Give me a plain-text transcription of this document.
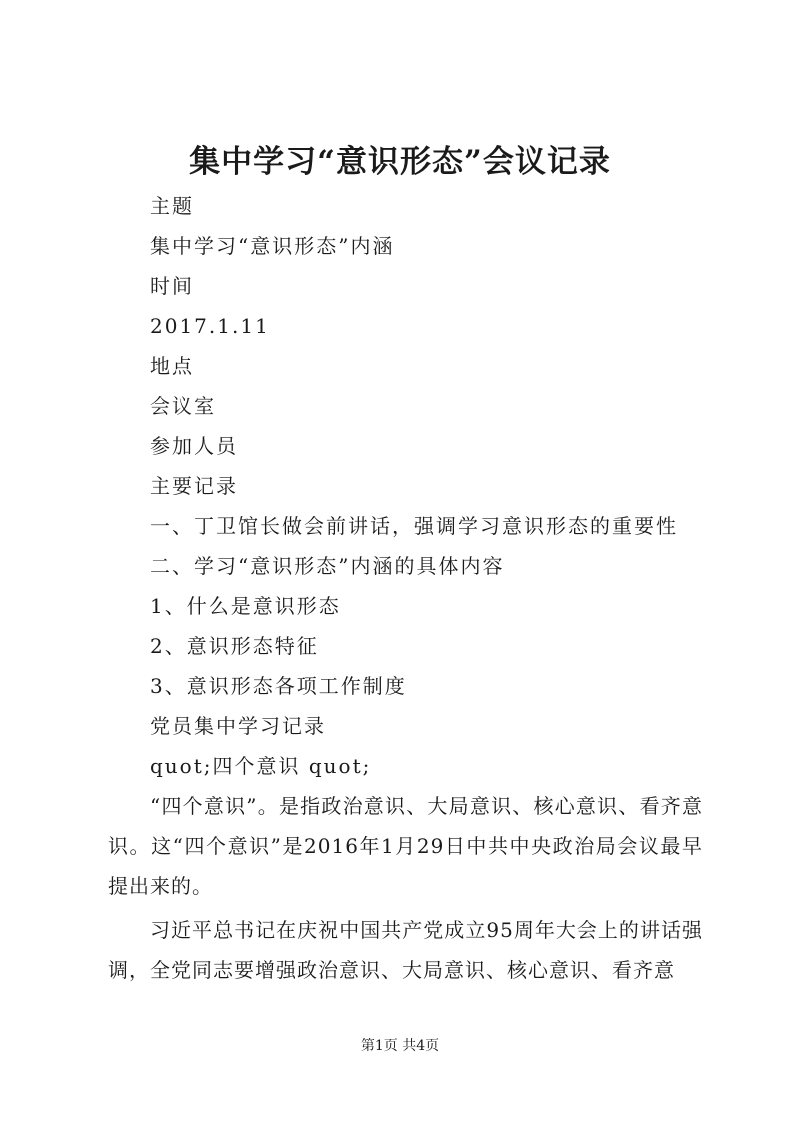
集中学习“意识形态”会议记录
主题
集中学习“意识形态”内涵
时间
2017.1.11
地点
会议室
参加人员
主要记录
一、丁卫馆长做会前讲话，强调学习意识形态的重要性
二、学习“意识形态”内涵的具体内容
1、什么是意识形态
2、意识形态特征
3、意识形态各项工作制度
党员集中学习记录
quot;四个意识 quot;

“四个意识”。是指政治意识、大局意识、核心意识、看齐意识。这“四个意识”是2016年1月29日中共中央政治局会议最早提出来的。

习近平总书记在庆祝中国共产党成立95周年大会上的讲话强调，全党同志要增强政治意识、大局意识、核心意识、看齐意

第1页 共4页
